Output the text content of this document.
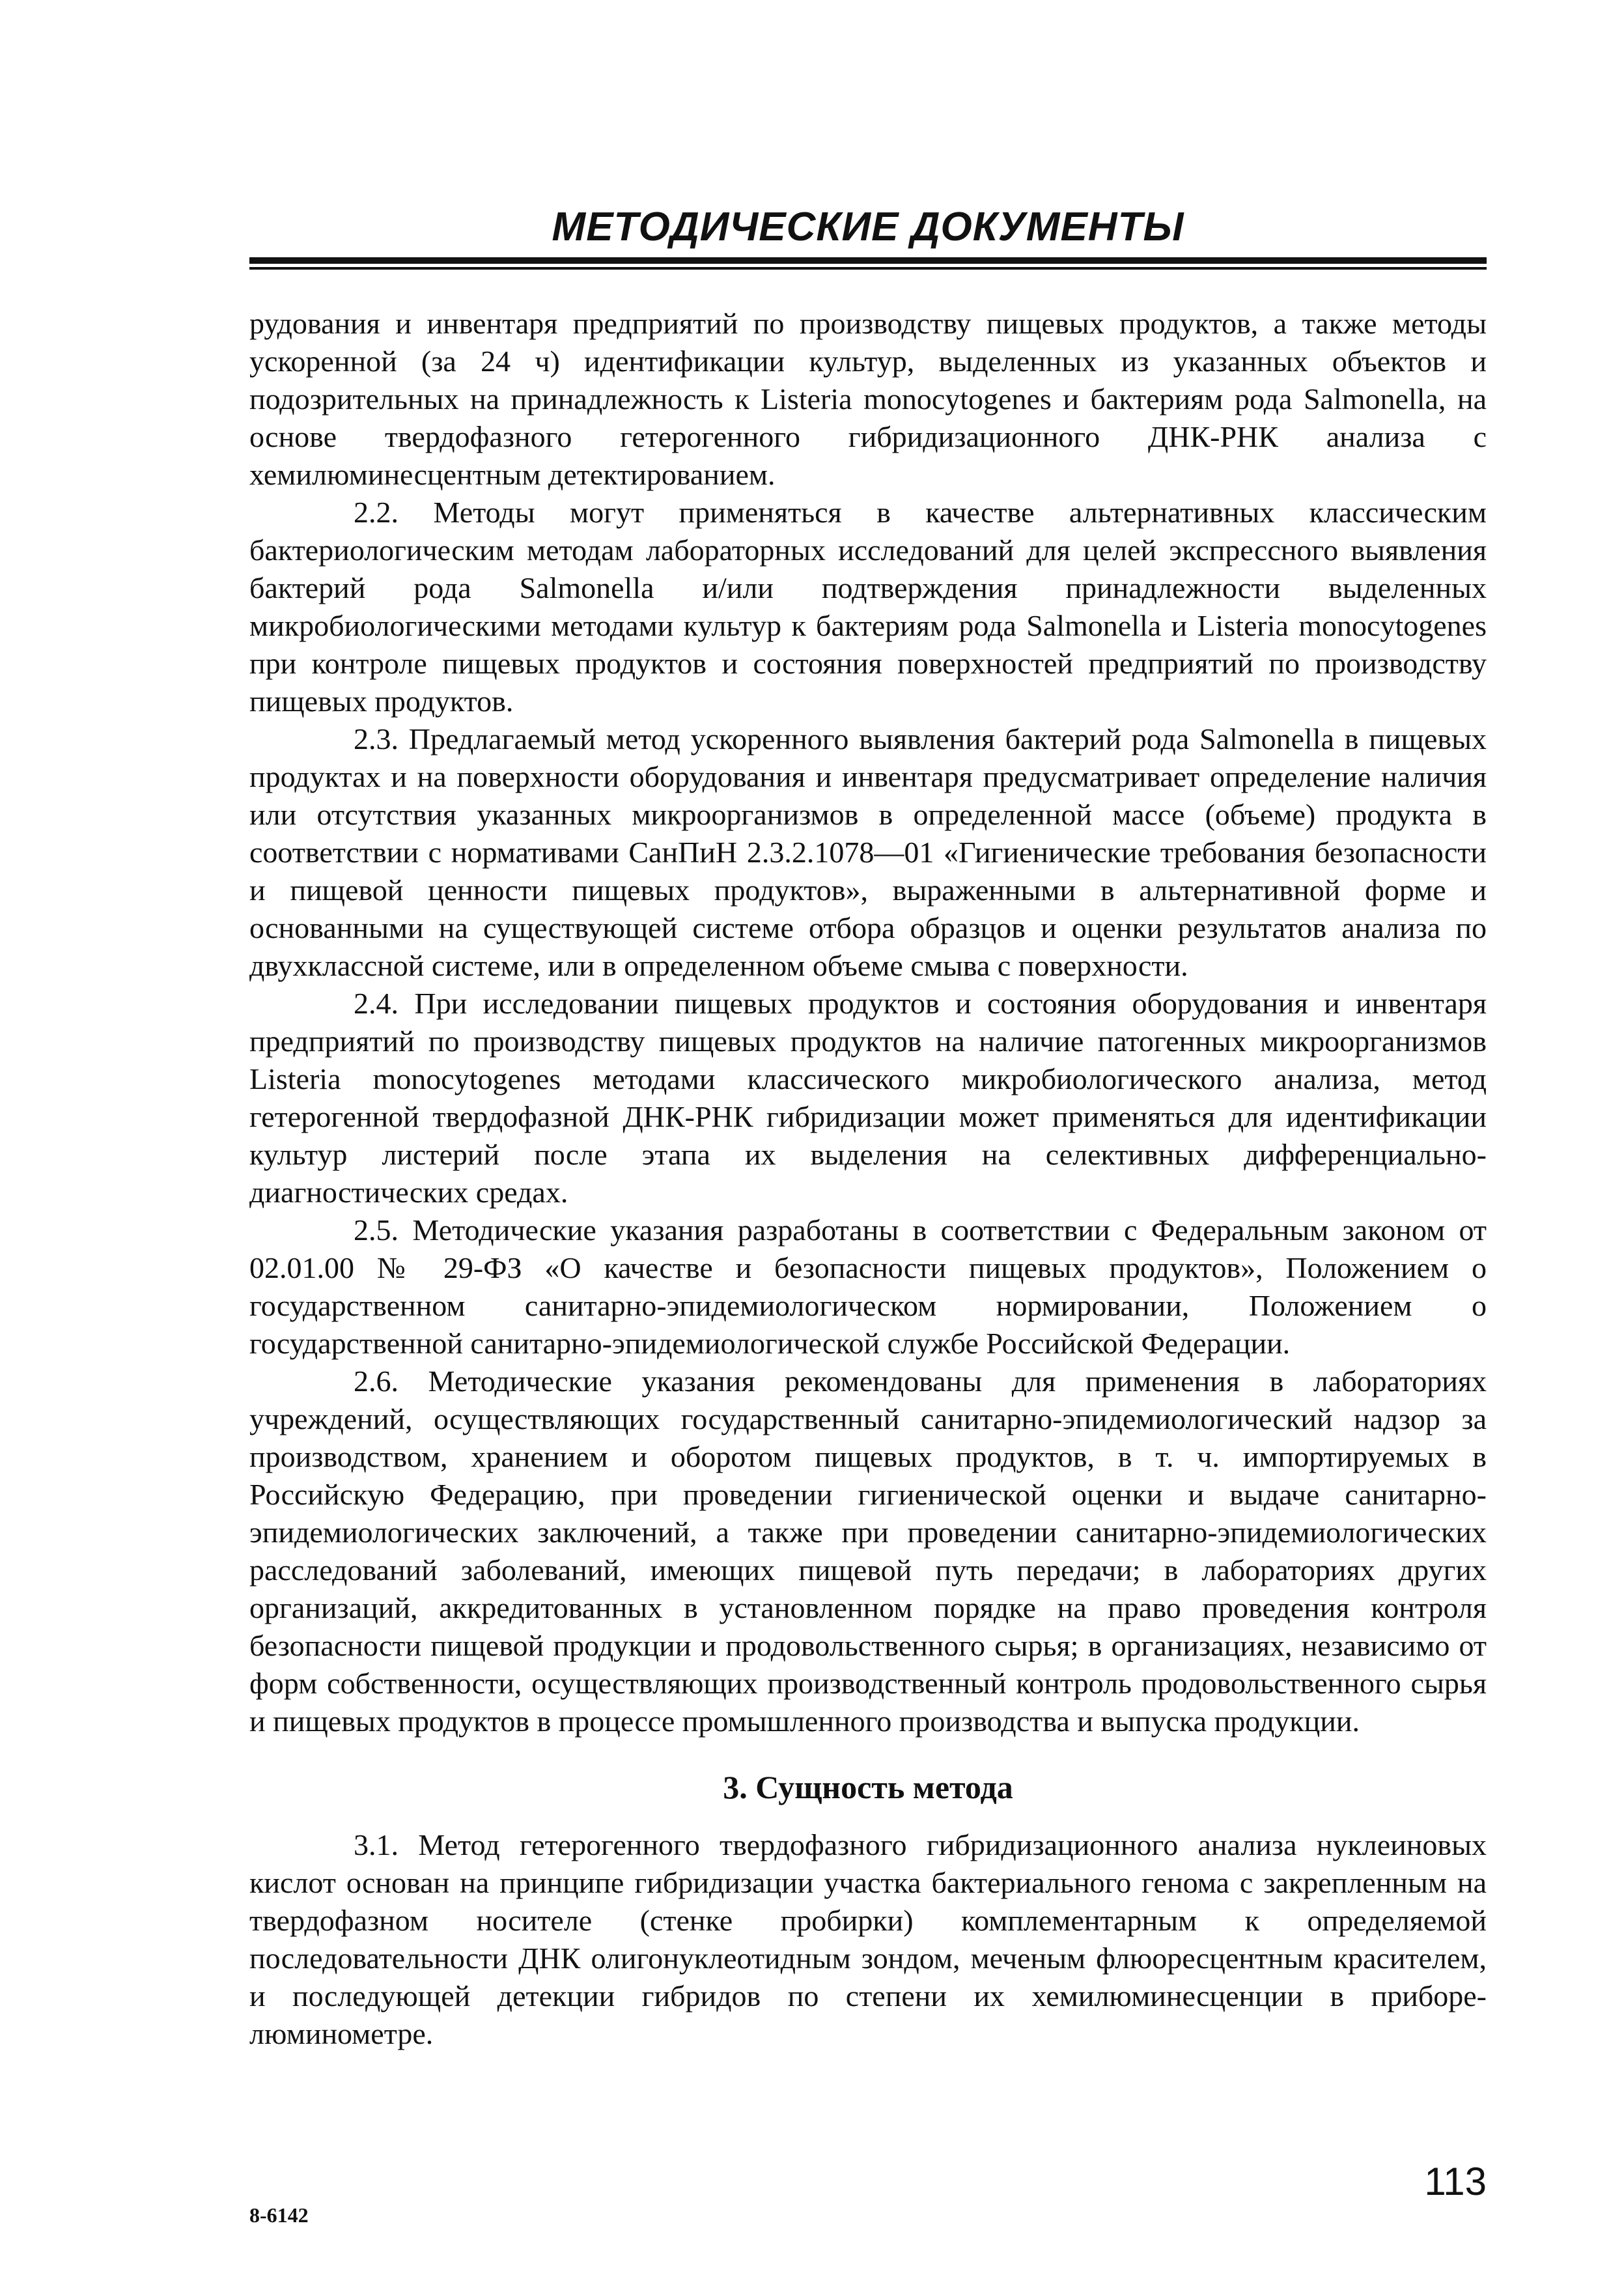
МЕТОДИЧЕСКИЕ ДОКУМЕНТЫ

рудования и инвентаря предприятий по производству пищевых продуктов, а также методы ускоренной (за 24 ч) идентификации культур, выделенных из указанных объектов и подозрительных на принадлежность к Listeria monocytogenes и бактериям рода Salmonella, на основе твердофазного гетерогенного гибридизационного ДНК-РНК анализа с хемилюминесцентным детектированием.

2.2. Методы могут применяться в качестве альтернативных классическим бактериологическим методам лабораторных исследований для целей экспрессного выявления бактерий рода Salmonella и/или подтверждения принадлежности выделенных микробиологическими методами культур к бактериям рода Salmonella и Listeria monocytogenes при контроле пищевых продуктов и состояния поверхностей предприятий по производству пищевых продуктов.

2.3. Предлагаемый метод ускоренного выявления бактерий рода Salmonella в пищевых продуктах и на поверхности оборудования и инвентаря предусматривает определение наличия или отсутствия указанных микроорганизмов в определенной массе (объеме) продукта в соответствии с нормативами СанПиН 2.3.2.1078—01 «Гигиенические требования безопасности и пищевой ценности пищевых продуктов», выраженными в альтернативной форме и основанными на существующей системе отбора образцов и оценки результатов анализа по двухклассной системе, или в определенном объеме смыва с поверхности.

2.4. При исследовании пищевых продуктов и состояния оборудования и инвентаря предприятий по производству пищевых продуктов на наличие патогенных микроорганизмов Listeria monocytogenes методами классического микробиологического анализа, метод гетерогенной твердофазной ДНК-РНК гибридизации может применяться для идентификации культур листерий после этапа их выделения на селективных дифференциально-диагностических средах.

2.5. Методические указания разработаны в соответствии с Федеральным законом от 02.01.00 № 29-ФЗ «О качестве и безопасности пищевых продуктов», Положением о государственном санитарно-эпидемиологическом нормировании, Положением о государственной санитарно-эпидемиологической службе Российской Федерации.

2.6. Методические указания рекомендованы для применения в лабораториях учреждений, осуществляющих государственный санитарно-эпидемиологический надзор за производством, хранением и оборотом пищевых продуктов, в т. ч. импортируемых в Российскую Федерацию, при проведении гигиенической оценки и выдаче санитарно-эпидемиологических заключений, а также при проведении санитарно-эпидемиологических расследований заболеваний, имеющих пищевой путь передачи; в лабораториях других организаций, аккредитованных в установленном порядке на право проведения контроля безопасности пищевой продукции и продовольственного сырья; в организациях, независимо от форм собственности, осуществляющих производственный контроль продовольственного сырья и пищевых продуктов в процессе промышленного производства и выпуска продукции.

3. Сущность метода

3.1. Метод гетерогенного твердофазного гибридизационного анализа нуклеиновых кислот основан на принципе гибридизации участка бактериального генома с закрепленным на твердофазном носителе (стенке пробирки) комплементарным к определяемой последовательности ДНК олигонуклеотидным зондом, меченым флюоресцентным красителем, и последующей детекции гибридов по степени их хемилюминесценции в приборе-люминометре.

8-6142
113
